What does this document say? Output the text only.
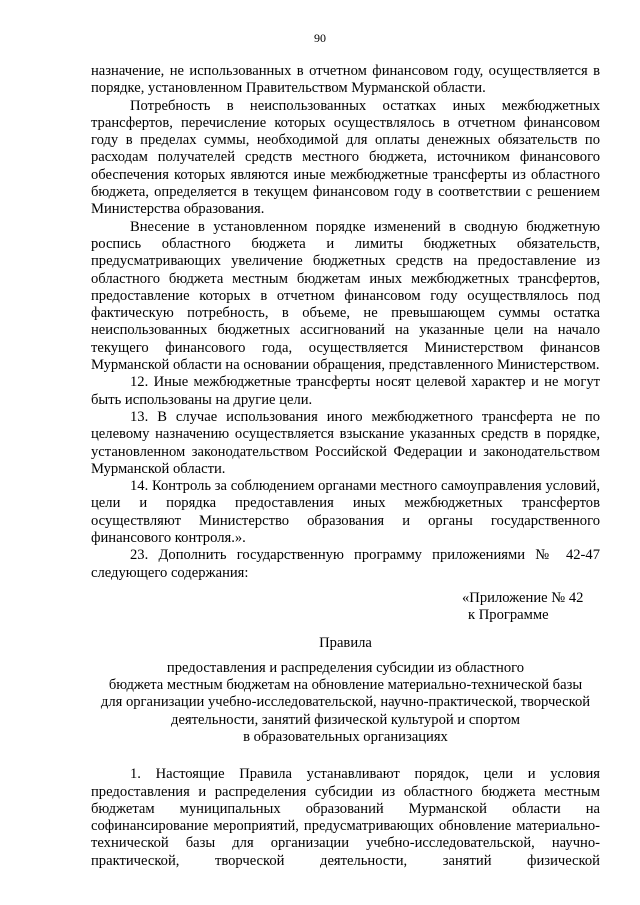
90

назначение, не использованных в отчетном финансовом году, осуществляется в порядке, установленном Правительством Мурманской области.

Потребность в неиспользованных остатках иных межбюджетных трансфертов, перечисление которых осуществлялось в отчетном финансовом году в пределах суммы, необходимой для оплаты денежных обязательств по расходам получателей средств местного бюджета, источником финансового обеспечения которых являются иные межбюджетные трансферты из областного бюджета, определяется в текущем финансовом году в соответствии с решением Министерства образования.

Внесение в установленном порядке изменений в сводную бюджетную роспись областного бюджета и лимиты бюджетных обязательств, предусматривающих увеличение бюджетных средств на предоставление из областного бюджета местным бюджетам иных межбюджетных трансфертов, предоставление которых в отчетном финансовом году осуществлялось под фактическую потребность, в объеме, не превышающем суммы остатка неиспользованных бюджетных ассигнований на указанные цели на начало текущего финансового года, осуществляется Министерством финансов Мурманской области на основании обращения, представленного Министерством.

12. Иные межбюджетные трансферты носят целевой характер и не могут быть использованы на другие цели.

13. В случае использования иного межбюджетного трансферта не по целевому назначению осуществляется взыскание указанных средств в порядке, установленном законодательством Российской Федерации и законодательством Мурманской области.

14. Контроль за соблюдением органами местного самоуправления условий, цели и порядка предоставления иных межбюджетных трансфертов осуществляют Министерство образования и органы государственного финансового контроля.».

23. Дополнить государственную программу приложениями № 42-47 следующего содержания:

«Приложение № 42
к Программе
Правила
предоставления и распределения субсидии из областного
бюджета местным бюджетам на обновление материально-технической базы
для организации учебно-исследовательской, научно-практической, творческой
деятельности, занятий физической культурой и спортом
в образовательных организациях

1. Настоящие Правила устанавливают порядок, цели и условия предоставления и распределения субсидии из областного бюджета местным бюджетам муниципальных образований Мурманской области на софинансирование мероприятий, предусматривающих обновление материально-технической базы для организации учебно-исследовательской, научно-практической, творческой деятельности, занятий физической
